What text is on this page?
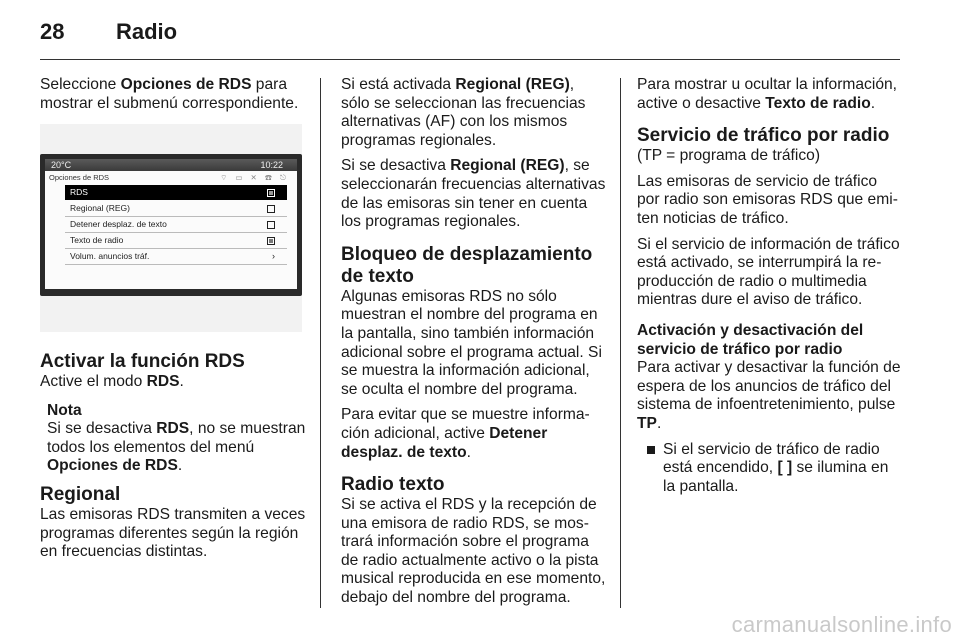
28 Radio

Seleccione Opciones de RDS para mostrar el submenú correspondiente.

20°C	10:22
Opciones de RDS	⌔ ▭ ✕ ☎ ⎋
RDS
Regional (REG)
Detener desplaz. de texto
Texto de radio
Volum. anuncios tráf.	›
Activar la función RDS

Active el modo RDS.

Nota
Si se desactiva RDS, no se muestran todos los elementos del menú Opciones de RDS.
Regional

Las emisoras RDS transmiten a veces programas diferentes según la región en frecuencias distintas.

Si está activada Regional (REG), sólo se seleccionan las frecuencias alternativas (AF) con los mismos programas regionales.

Si se desactiva Regional (REG), se seleccionarán frecuencias alternativas de las emisoras sin tener en cuenta los programas regionales.

Bloqueo de desplazamiento de texto

Algunas emisoras RDS no sólo muestran el nombre del programa en la pantalla, sino también información adicional sobre el programa actual. Si se muestra la información adicional, se oculta el nombre del programa.

Para evitar que se muestre información adicional, active Detener desplaz. de texto.

Radio texto

Si se activa el RDS y la recepción de una emisora de radio RDS, se mostrará información sobre el programa de radio actualmente activo o la pista musical reproducida en ese momento, debajo del nombre del programa.

Para mostrar u ocultar la información, active o desactive Texto de radio.

Servicio de tráfico por radio

(TP = programa de tráfico)

Las emisoras de servicio de tráfico por radio son emisoras RDS que emiten noticias de tráfico.

Si el servicio de información de tráfico está activado, se interrumpirá la reproducción de radio o multimedia mientras dure el aviso de tráfico.

Activación y desactivación del servicio de tráfico por radio

Para activar y desactivar la función de espera de los anuncios de tráfico del sistema de infoentretenimiento, pulse TP.

Si el servicio de tráfico de radio está encendido, [ ] se ilumina en la pantalla.
carmanualsonline.info
